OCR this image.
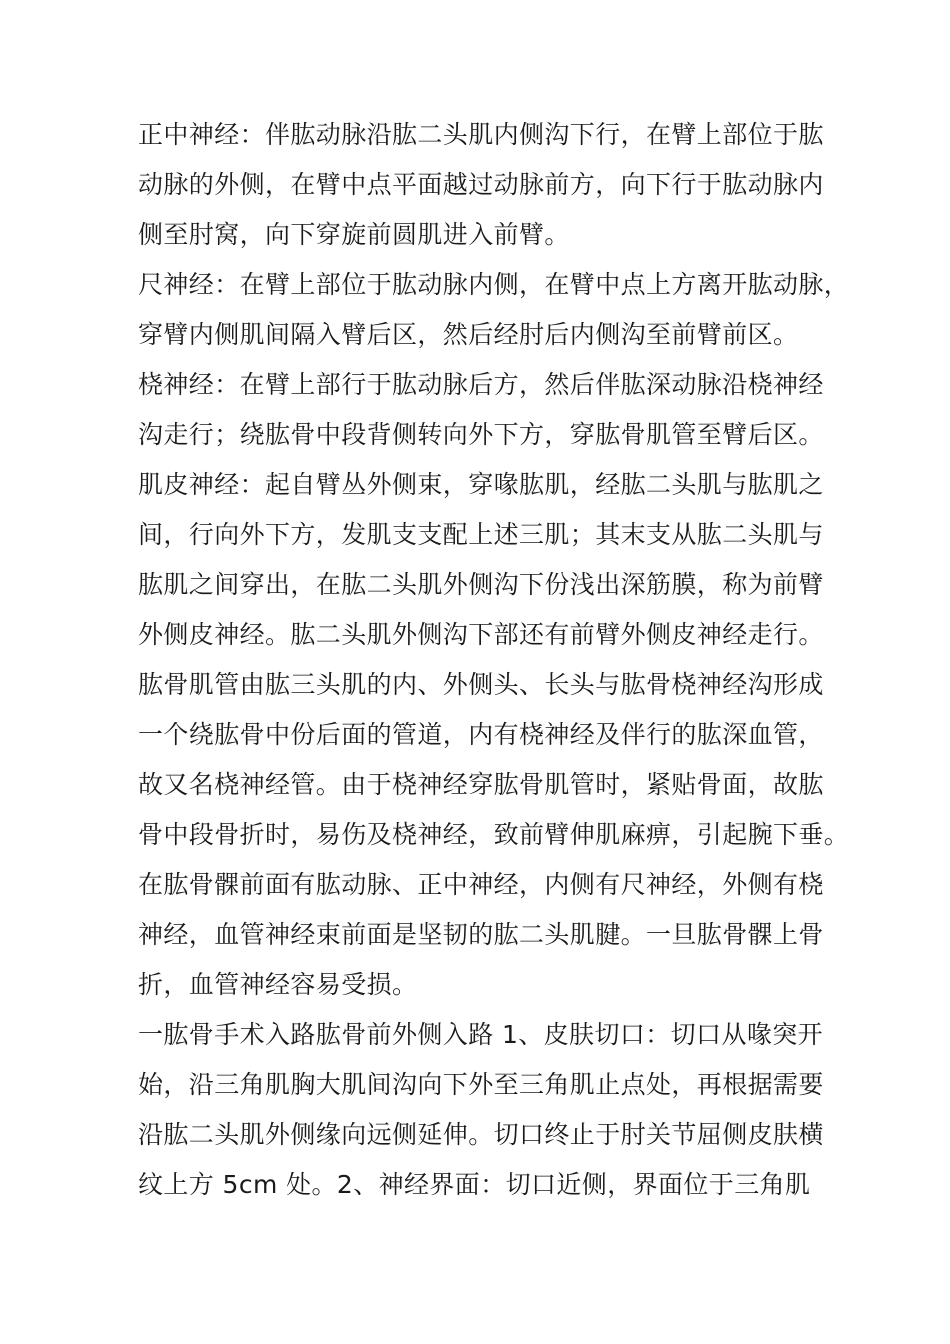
正中神经：伴肱动脉沿肱二头肌内侧沟下行，在臂上部位于肱
动脉的外侧，在臂中点平面越过动脉前方，向下行于肱动脉内
侧至肘窝，向下穿旋前圆肌进入前臂。
尺神经：在臂上部位于肱动脉内侧，在臂中点上方离开肱动脉，
穿臂内侧肌间隔入臂后区，然后经肘后内侧沟至前臂前区。
桡神经：在臂上部行于肱动脉后方，然后伴肱深动脉沿桡神经
沟走行；绕肱骨中段背侧转向外下方，穿肱骨肌管至臂后区。
肌皮神经：起自臂丛外侧束，穿喙肱肌，经肱二头肌与肱肌之
间，行向外下方，发肌支支配上述三肌；其末支从肱二头肌与
肱肌之间穿出，在肱二头肌外侧沟下份浅出深筋膜，称为前臂
外侧皮神经。肱二头肌外侧沟下部还有前臂外侧皮神经走行。
肱骨肌管由肱三头肌的内、外侧头、长头与肱骨桡神经沟形成
一个绕肱骨中份后面的管道，内有桡神经及伴行的肱深血管，
故又名桡神经管。由于桡神经穿肱骨肌管时，紧贴骨面，故肱
骨中段骨折时，易伤及桡神经，致前臂伸肌麻痹，引起腕下垂。
在肱骨髁前面有肱动脉、正中神经，内侧有尺神经，外侧有桡
神经，血管神经束前面是坚韧的肱二头肌腱。一旦肱骨髁上骨
折，血管神经容易受损。
一肱骨手术入路肱骨前外侧入路 1、皮肤切口：切口从喙突开
始，沿三角肌胸大肌间沟向下外至三角肌止点处，再根据需要
沿肱二头肌外侧缘向远侧延伸。切口终止于肘关节屈侧皮肤横
纹上方 5cm 处。2、神经界面：切口近侧，界面位于三角肌
